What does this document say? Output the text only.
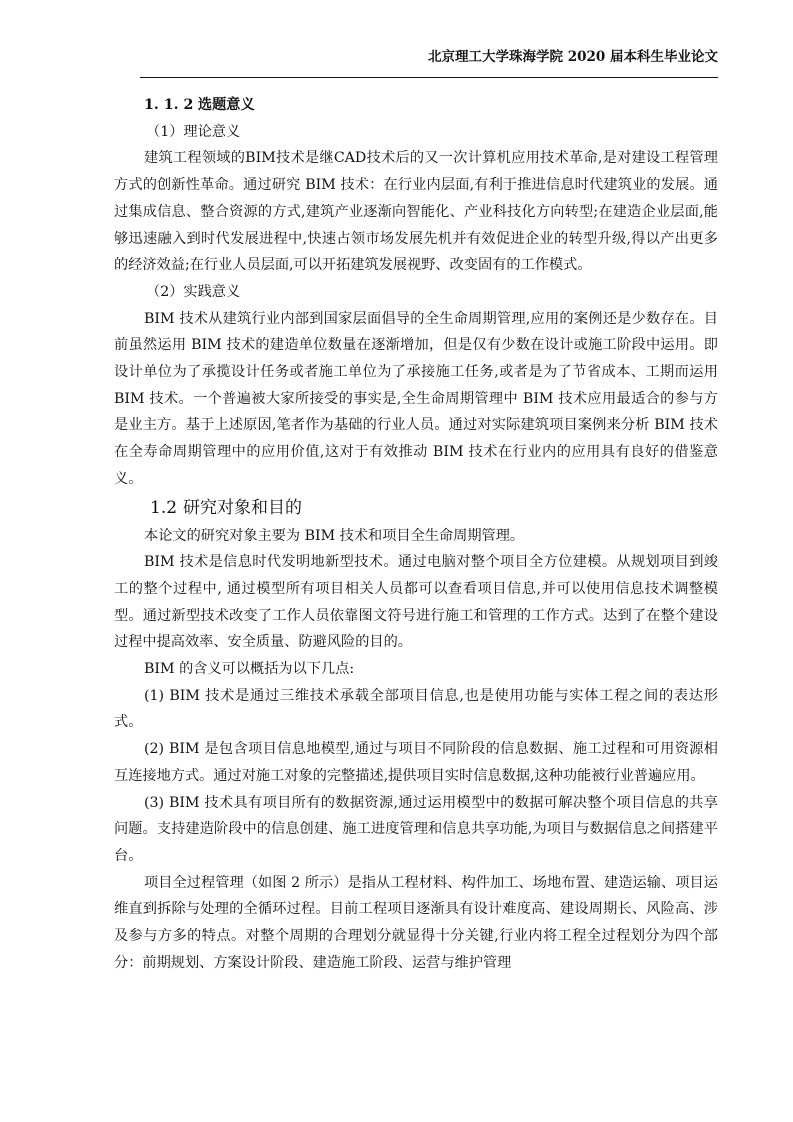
北京理工大学珠海学院 2020 届本科生毕业论文

1. 1. 2 选题意义

（1）理论意义

建筑工程领域的BIM技术是继CAD技术后的又一次计算机应用技术革命,是对建设工程管理方式的创新性革命。通过研究 BIM 技术：在行业内层面,有利于推进信息时代建筑业的发展。通过集成信息、整合资源的方式,建筑产业逐渐向智能化、产业科技化方向转型;在建造企业层面,能够迅速融入到时代发展进程中,快速占领市场发展先机并有效促进企业的转型升级,得以产出更多的经济效益;在行业人员层面,可以开拓建筑发展视野、改变固有的工作模式。

（2）实践意义

BIM 技术从建筑行业内部到国家层面倡导的全生命周期管理,应用的案例还是少数存在。目前虽然运用 BIM 技术的建造单位数量在逐渐增加，但是仅有少数在设计或施工阶段中运用。即设计单位为了承揽设计任务或者施工单位为了承接施工任务,或者是为了节省成本、工期而运用 BIM 技术。一个普遍被大家所接受的事实是,全生命周期管理中 BIM 技术应用最适合的参与方是业主方。基于上述原因,笔者作为基础的行业人员。通过对实际建筑项目案例来分析 BIM 技术在全寿命周期管理中的应用价值,这对于有效推动 BIM 技术在行业内的应用具有良好的借鉴意义。

1.2 研究对象和目的

本论文的研究对象主要为 BIM 技术和项目全生命周期管理。

BIM 技术是信息时代发明地新型技术。通过电脑对整个项目全方位建模。从规划项目到竣工的整个过程中, 通过模型所有项目相关人员都可以查看项目信息,并可以使用信息技术调整模型。通过新型技术改变了工作人员依靠图文符号进行施工和管理的工作方式。达到了在整个建设过程中提高效率、安全质量、防避风险的目的。

BIM 的含义可以概括为以下几点:

(1) BIM 技术是通过三维技术承载全部项目信息,也是使用功能与实体工程之间的表达形式。

(2) BIM 是包含项目信息地模型,通过与项目不同阶段的信息数据、施工过程和可用资源相互连接地方式。通过对施工对象的完整描述,提供项目实时信息数据,这种功能被行业普遍应用。

(3) BIM 技术具有项目所有的数据资源,通过运用模型中的数据可解决整个项目信息的共享问题。支持建造阶段中的信息创建、施工进度管理和信息共享功能,为项目与数据信息之间搭建平台。

项目全过程管理（如图 2 所示）是指从工程材料、构件加工、场地布置、建造运输、项目运维直到拆除与处理的全循环过程。目前工程项目逐渐具有设计难度高、建设周期长、风险高、涉及参与方多的特点。对整个周期的合理划分就显得十分关键,行业内将工程全过程划分为四个部分：前期规划、方案设计阶段、建造施工阶段、运营与维护管理
